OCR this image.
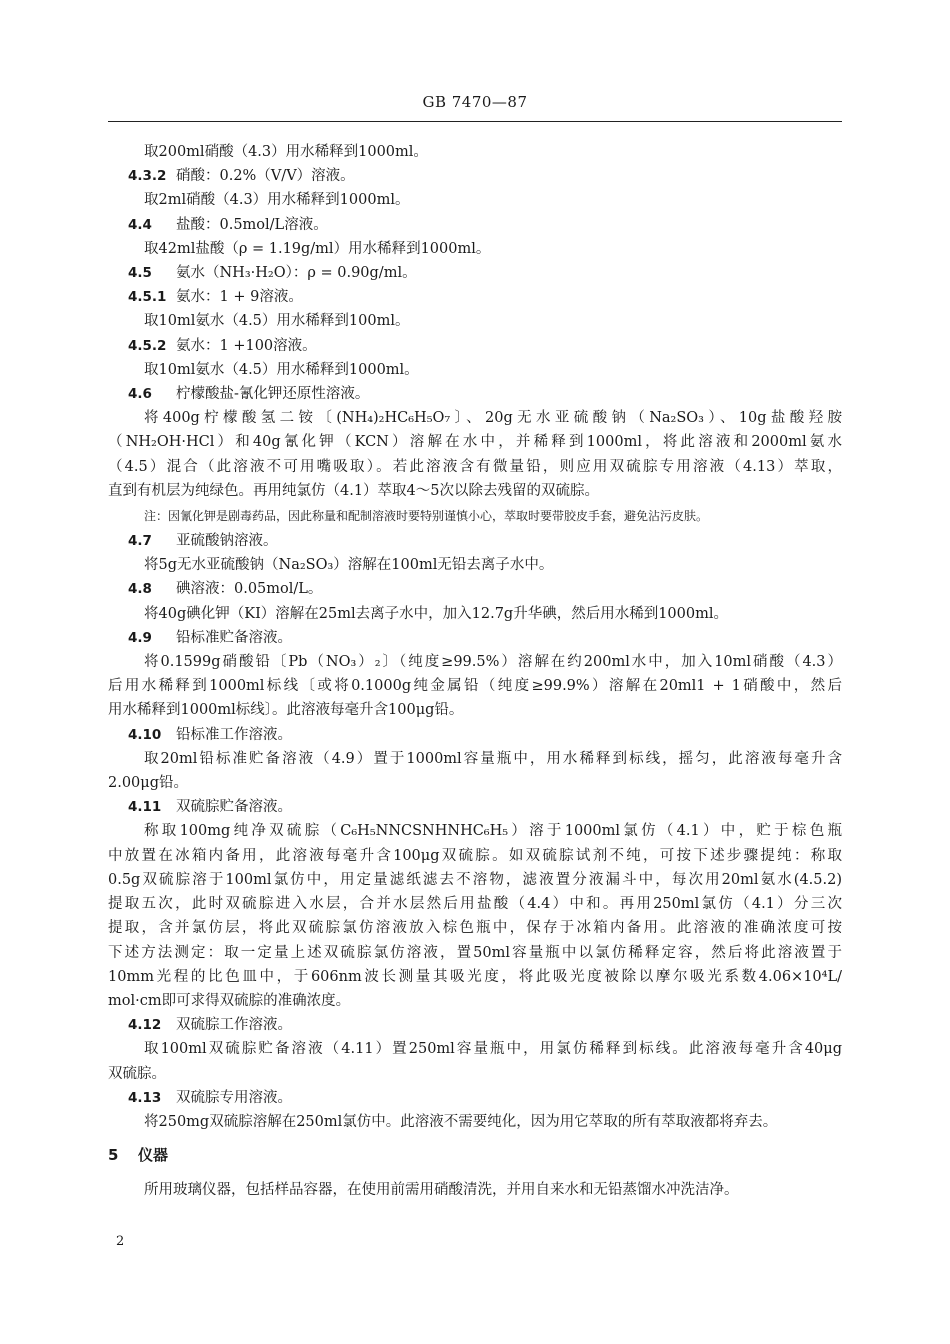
GB 7470—87
取200ml硝酸（4.3）用水稀释到1000ml。
4.3.2 硝酸：0.2%（V/V）溶液。
取2ml硝酸（4.3）用水稀释到1000ml。
4.4 盐酸：0.5mol/L溶液。
取42ml盐酸（ρ = 1.19g/ml）用水稀释到1000ml。
4.5 氨水（NH₃·H₂O）：ρ = 0.90g/ml。
4.5.1 氨水：1 + 9溶液。
取10ml氨水（4.5）用水稀释到100ml。
4.5.2 氨水：1 +100溶液。
取10ml氨水（4.5）用水稀释到1000ml。
4.6 柠檬酸盐-氰化钾还原性溶液。
将400g柠檬酸氢二铵〔(NH₄)₂HC₆H₅O₇〕、20g无水亚硫酸钠（Na₂SO₃）、10g盐酸羟胺
（NH₂OH·HCl）和40g氰化钾（KCN）溶解在水中，并稀释到1000ml，将此溶液和2000ml氨水
（4.5）混合（此溶液不可用嘴吸取）。若此溶液含有微量铅，则应用双硫腙专用溶液（4.13）萃取，
直到有机层为纯绿色。再用纯氯仿（4.1）萃取4～5次以除去残留的双硫腙。
注：因氰化钾是剧毒药品，因此称量和配制溶液时要特别谨慎小心，萃取时要带胶皮手套，避免沾污皮肤。
4.7 亚硫酸钠溶液。
将5g无水亚硫酸钠（Na₂SO₃）溶解在100ml无铅去离子水中。
4.8 碘溶液：0.05mol/L。
将40g碘化钾（KI）溶解在25ml去离子水中，加入12.7g升华碘，然后用水稀到1000ml。
4.9 铅标准贮备溶液。
将0.1599g硝酸铅〔Pb（NO₃）₂〕（纯度≥99.5%）溶解在约200ml水中，加入10ml硝酸（4.3）
后用水稀释到1000ml标线〔或将0.1000g纯金属铅（纯度≥99.9%）溶解在20ml1 + 1硝酸中，然后
用水稀释到1000ml标线〕。此溶液每毫升含100μg铅。
4.10 铅标准工作溶液。
取20ml铅标准贮备溶液（4.9）置于1000ml容量瓶中，用水稀释到标线，摇匀，此溶液每毫升含
2.00μg铅。
4.11 双硫腙贮备溶液。
称取100mg纯净双硫腙（C₆H₅NNCSNHNHC₆H₅）溶于1000ml氯仿（4.1）中，贮于棕色瓶
中放置在冰箱内备用，此溶液每毫升含100μg双硫腙。如双硫腙试剂不纯，可按下述步骤提纯：称取
0.5g双硫腙溶于100ml氯仿中，用定量滤纸滤去不溶物，滤液置分液漏斗中，每次用20ml氨水(4.5.2)
提取五次，此时双硫腙进入水层，合并水层然后用盐酸（4.4）中和。再用250ml氯仿（4.1）分三次
提取，含并氯仿层，将此双硫腙氯仿溶液放入棕色瓶中，保存于冰箱内备用。此溶液的准确浓度可按
下述方法测定：取一定量上述双硫腙氯仿溶液，置50ml容量瓶中以氯仿稀释定容，然后将此溶液置于
10mm光程的比色皿中，于606nm波长测量其吸光度，将此吸光度被除以摩尔吸光系数4.06×10⁴L/
mol·cm即可求得双硫腙的准确浓度。
4.12 双硫腙工作溶液。
取100ml双硫腙贮备溶液（4.11）置250ml容量瓶中，用氯仿稀释到标线。此溶液每毫升含40μg
双硫腙。
4.13 双硫腙专用溶液。
将250mg双硫腙溶解在250ml氯仿中。此溶液不需要纯化，因为用它萃取的所有萃取液都将弃去。
5 仪器
所用玻璃仪器，包括样品容器，在使用前需用硝酸清洗，并用自来水和无铅蒸馏水冲洗洁净。
2
